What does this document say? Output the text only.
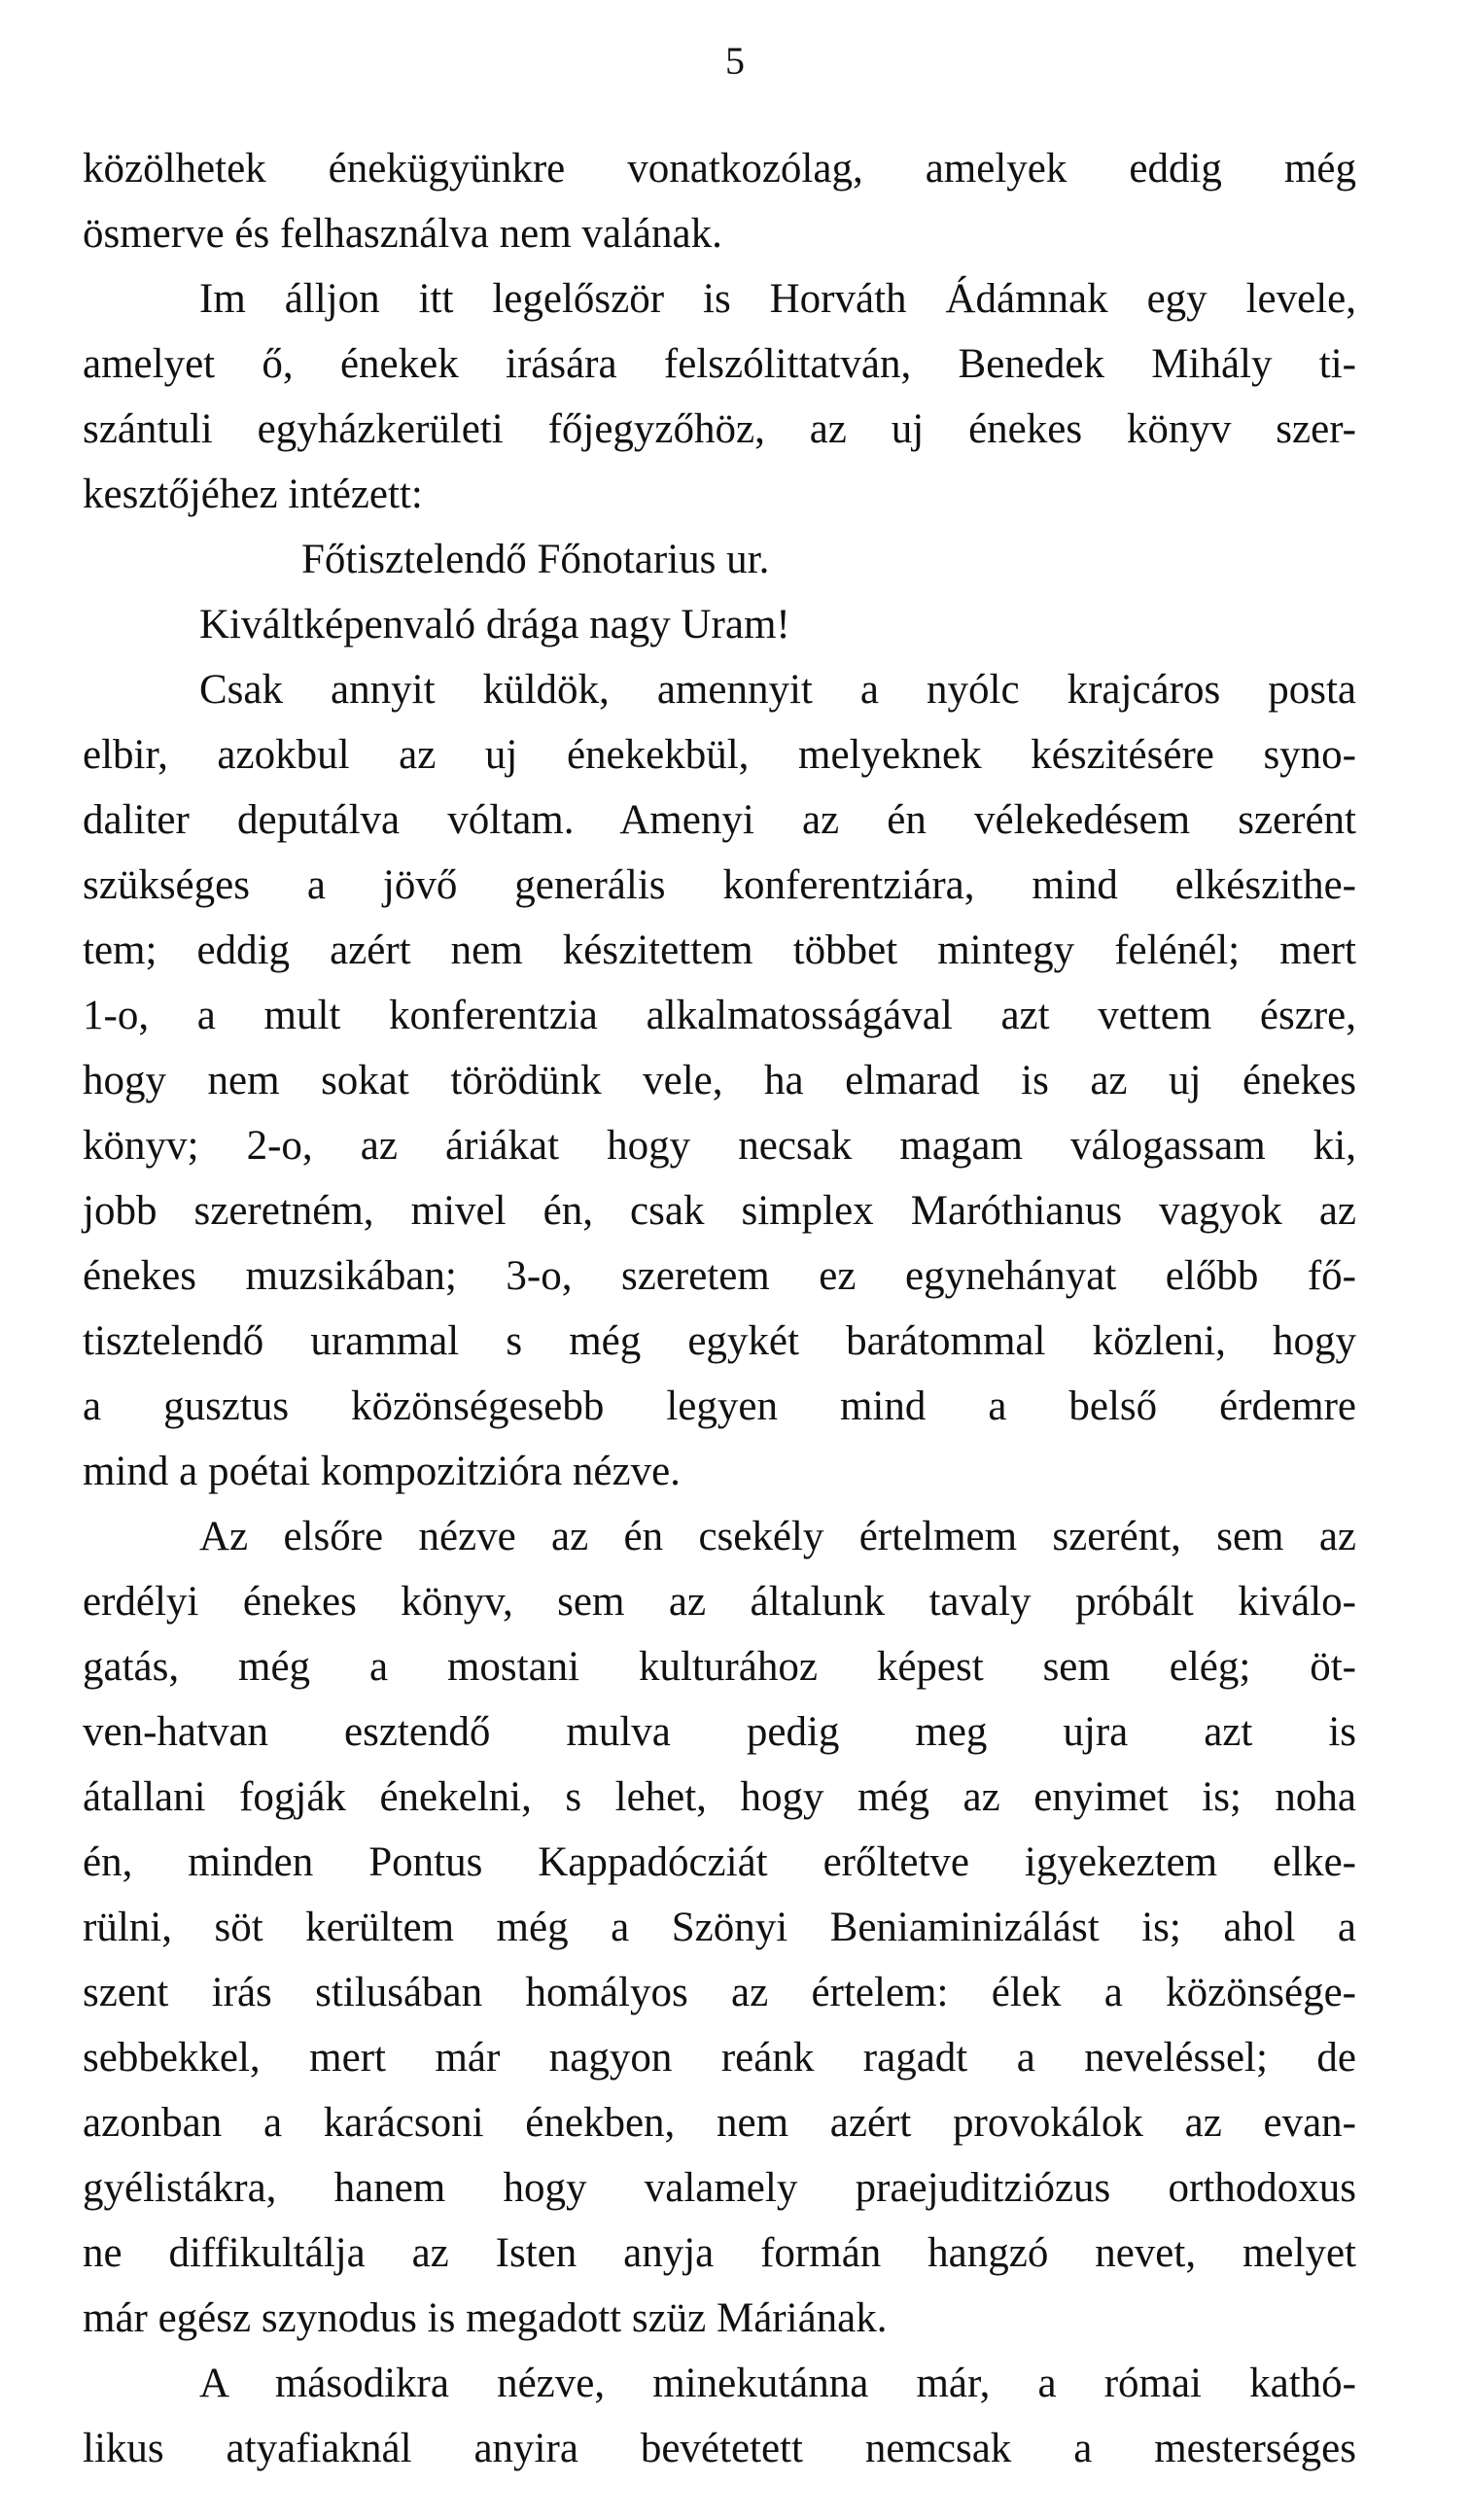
5
közölhetek énekügyünkre vonatkozólag, amelyek eddig még
ösmerve és felhasználva nem valának.
Im álljon itt legelőször is Horváth Ádámnak egy levele,
amelyet ő, énekek irására felszólittatván, Benedek Mihály ti-
szántuli egyházkerületi főjegyzőhöz, az uj énekes könyv szer-
kesztőjéhez intézett:
Főtisztelendő Főnotarius ur.
Kiváltképenvaló drága nagy Uram!
Csak annyit küldök, amennyit a nyólc krajcáros posta
elbir, azokbul az uj énekekbül, melyeknek készitésére syno-
daliter deputálva vóltam. Amenyi az én vélekedésem szerént
szükséges a jövő generális konferentziára, mind elkészithe-
tem; eddig azért nem készitettem többet mintegy felénél; mert
1-o, a mult konferentzia alkalmatosságával azt vettem észre,
hogy nem sokat törödünk vele, ha elmarad is az uj énekes
könyv; 2-o, az áriákat hogy necsak magam válogassam ki,
jobb szeretném, mivel én, csak simplex Maróthianus vagyok az
énekes muzsikában; 3-o, szeretem ez egynehányat előbb fő-
tisztelendő urammal s még egykét barátommal közleni, hogy
a gusztus közönségesebb legyen mind a belső érdemre
mind a poétai kompozitzióra nézve.
Az elsőre nézve az én csekély értelmem szerént, sem az
erdélyi énekes könyv, sem az általunk tavaly próbált kiválo-
gatás, még a mostani kulturához képest sem elég; öt-
ven-hatvan esztendő mulva pedig meg ujra azt is
átallani fogják énekelni, s lehet, hogy még az enyimet is; noha
én, minden Pontus Kappadócziát erőltetve igyekeztem elke-
rülni, söt kerültem még a Szönyi Beniaminizálást is; ahol a
szent irás stilusában homályos az értelem: élek a közönsége-
sebbekkel, mert már nagyon reánk ragadt a neveléssel; de
azonban a karácsoni énekben, nem azért provokálok az evan-
gyélistákra, hanem hogy valamely praejuditziózus orthodoxus
ne diffikultálja az Isten anyja formán hangzó nevet, melyet
már egész szynodus is megadott szüz Máriának.
A másodikra nézve, minekutánna már, a római kathó-
likus atyafiaknál anyira bevétetett nemcsak a mesterséges
